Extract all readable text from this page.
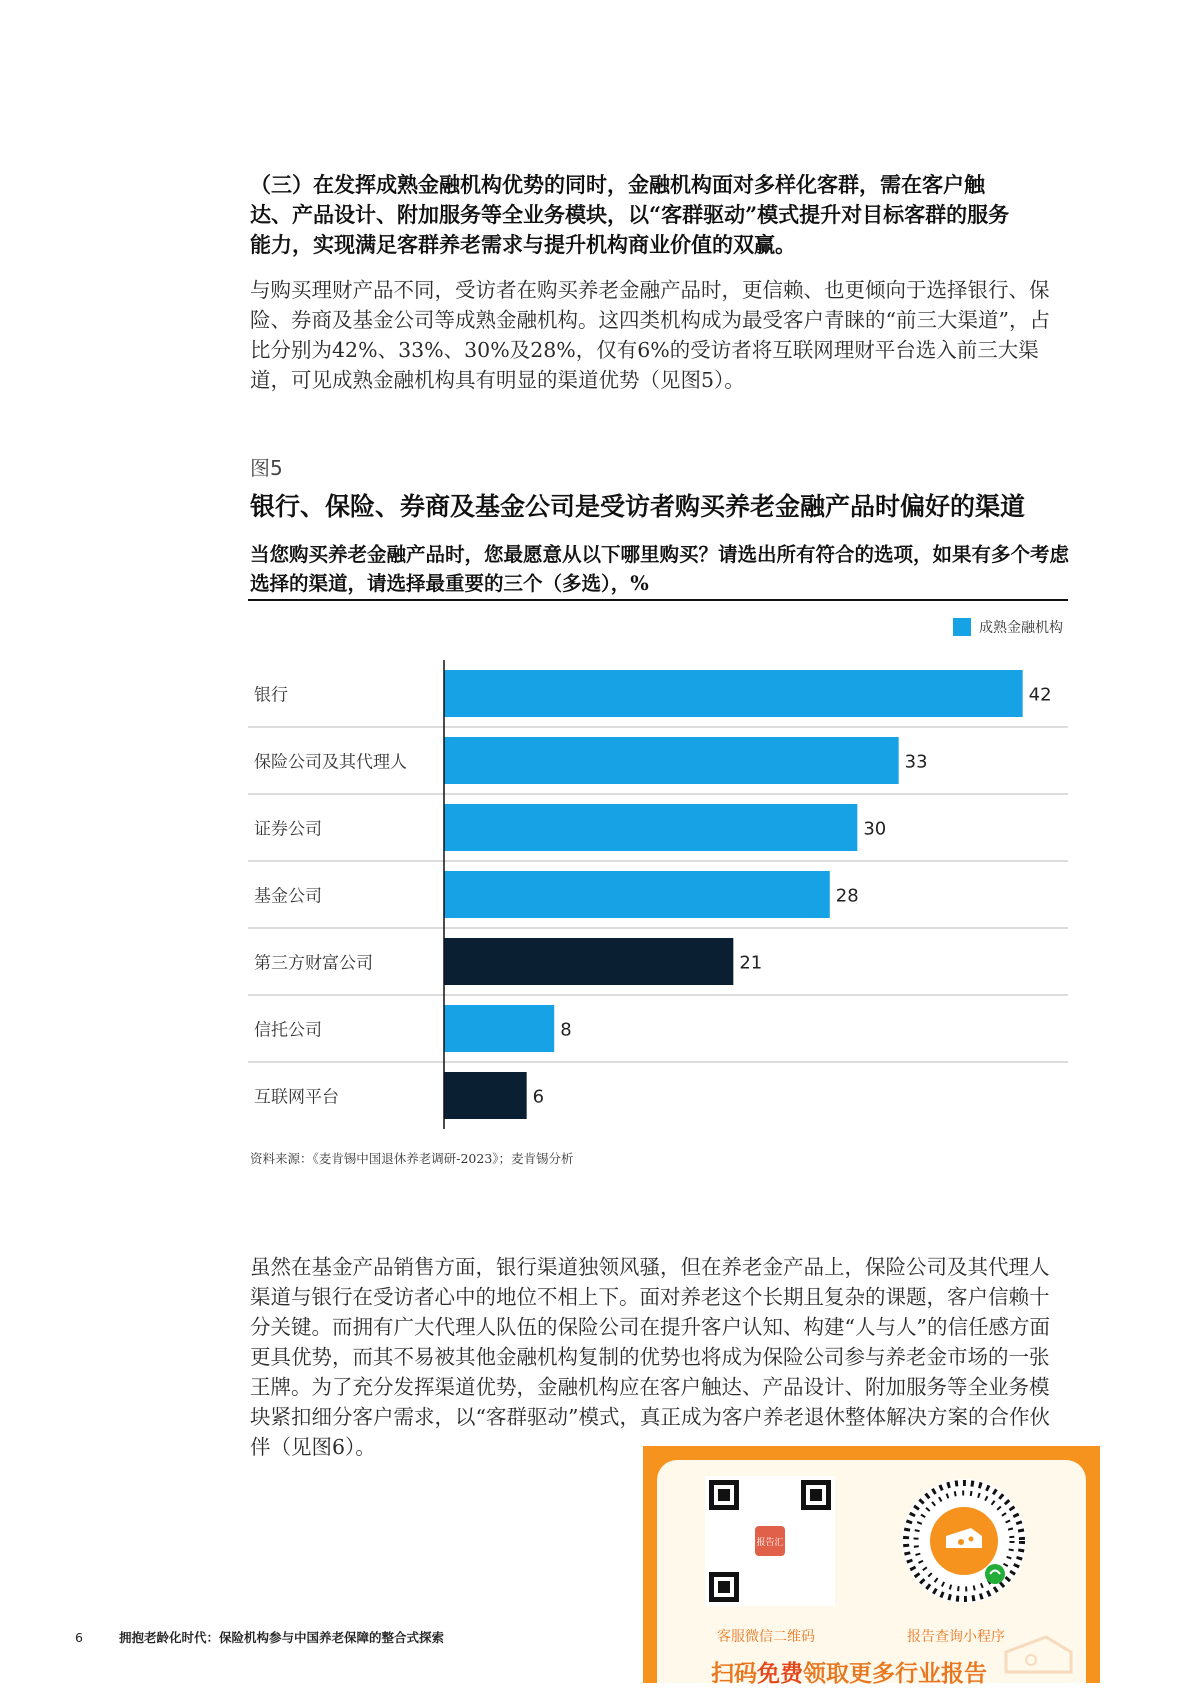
（三）在发挥成熟金融机构优势的同时，金融机构面对多样化客群，需在客户触达、产品设计、附加服务等全业务模块，以“客群驱动”模式提升对目标客群的服务能力，实现满足客群养老需求与提升机构商业价值的双赢。

与购买理财产品不同，受访者在购买养老金融产品时，更信赖、也更倾向于选择银行、保险、券商及基金公司等成熟金融机构。这四类机构成为最受客户青睐的“前三大渠道”，占比分别为42%、33%、30%及28%，仅有6%的受访者将互联网理财平台选入前三大渠道，可见成熟金融机构具有明显的渠道优势（见图5）。

图5
银行、保险、券商及基金公司是受访者购买养老金融产品时偏好的渠道
当您购买养老金融产品时，您最愿意从以下哪里购买？请选出所有符合的选项，如果有多个考虑选择的渠道，请选择最重要的三个（多选），%
成熟金融机构
银行	42
保险公司及其代理人	33
证券公司	30
基金公司	28
第三方财富公司	21
信托公司	8
互联网平台	6
资料来源：《麦肯锡中国退休养老调研-2023》；麦肯锡分析

虽然在基金产品销售方面，银行渠道独领风骚，但在养老金产品上，保险公司及其代理人渠道与银行在受访者心中的地位不相上下。面对养老这个长期且复杂的课题，客户信赖十分关键。而拥有广大代理人队伍的保险公司在提升客户认知、构建“人与人”的信任感方面更具优势，而其不易被其他金融机构复制的优势也将成为保险公司参与养老金市场的一张王牌。为了充分发挥渠道优势，金融机构应在客户触达、产品设计、附加服务等全业务模块紧扣细分客户需求，以“客群驱动”模式，真正成为客户养老退休整体解决方案的合作伙伴（见图6）。

6	拥抱老龄化时代：保险机构参与中国养老保障的整合式探索
报告汇
客服微信二维码	报告查询小程序
扫码免费领取更多行业报告
